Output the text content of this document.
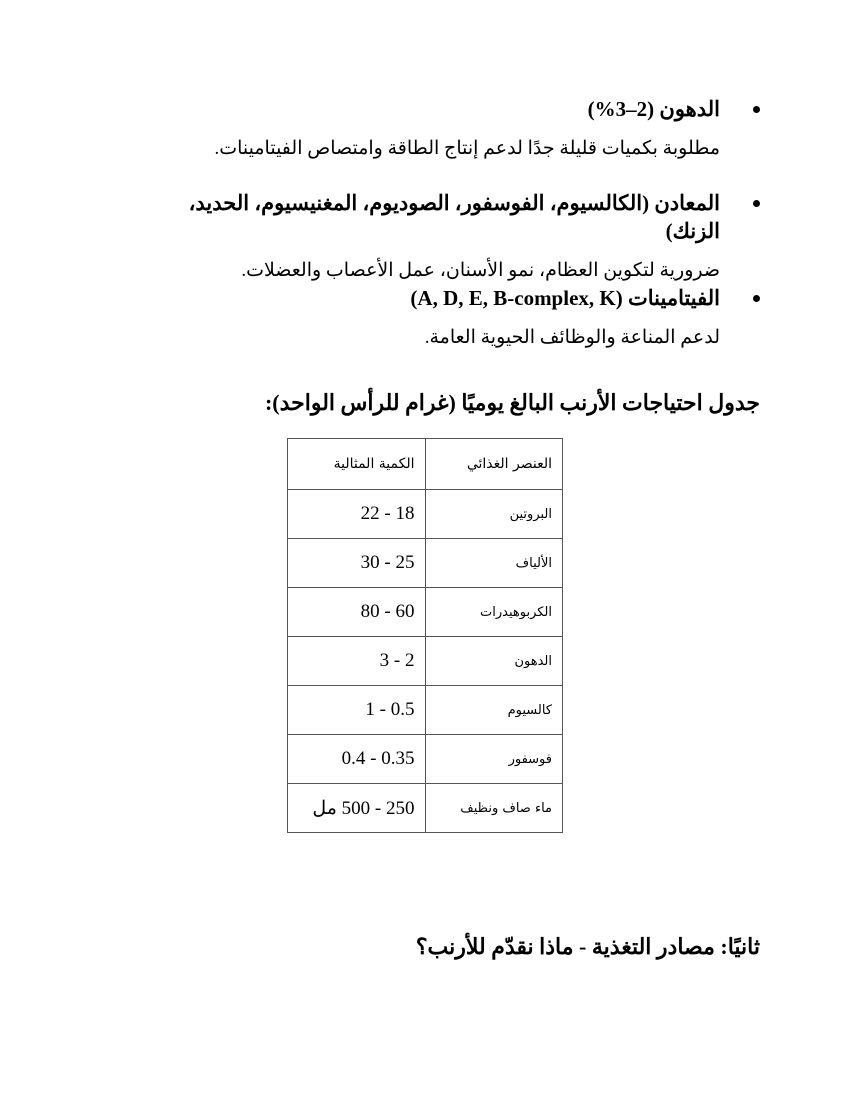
الدهون (2–3%)
مطلوبة بكميات قليلة جدًا لدعم إنتاج الطاقة وامتصاص الفيتامينات.
المعادن (الكالسيوم، الفوسفور، الصوديوم، المغنيسيوم، الحديد، الزنك)
ضرورية لتكوين العظام، نمو الأسنان، عمل الأعصاب والعضلات.
الفيتامينات (A, D, E, B-complex, K)
لدعم المناعة والوظائف الحيوية العامة.
جدول احتياجات الأرنب البالغ يوميًا (غرام للرأس الواحد):
العنصر الغذائي	الكمية المثالية
البروتين	18 - 22
الألياف	25 - 30
الكربوهيدرات	60 - 80
الدهون	2 - 3
كالسيوم	0.5 - 1
فوسفور	0.35 - 0.4
ماء صاف ونظيف	250 - 500 مل
ثانيًا: مصادر التغذية - ماذا نقدّم للأرنب؟
